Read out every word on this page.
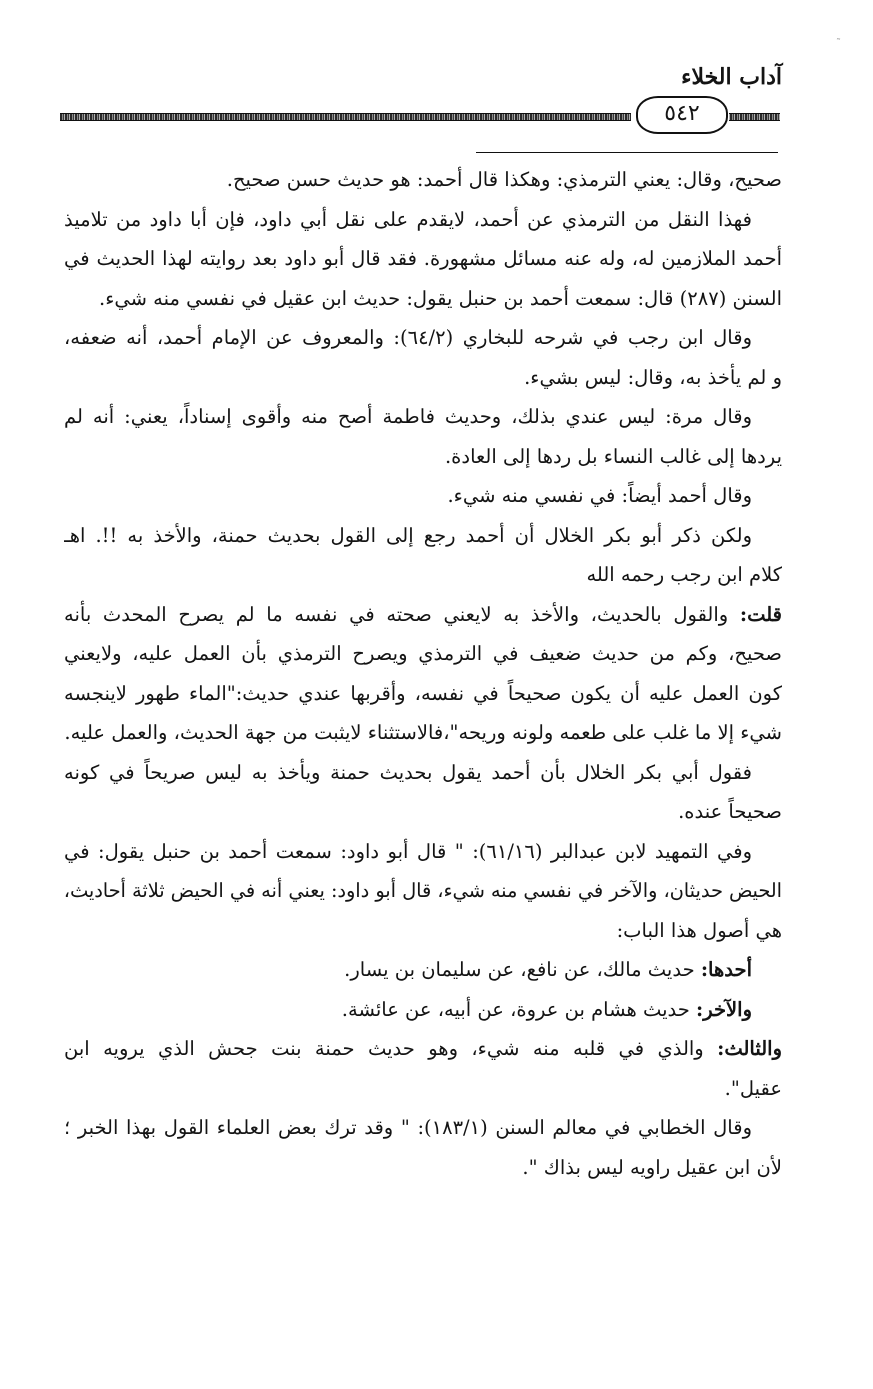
˜
آداب الخلاء
٥٤٢

صحيح، وقال: يعني الترمذي: وهكذا قال أحمد: هو حديث حسن صحيح.

فهذا النقل من الترمذي عن أحمد، لايقدم على نقل أبي داود، فإن أبا داود من تلاميذ
أحمد الملازمين له، وله عنه مسائل مشهورة. فقد قال أبو داود بعد روايته لهذا الحديث في
السنن (٢٨٧) قال: سمعت أحمد بن حنبل يقول: حديث ابن عقيل في نفسي منه شيء.

وقال ابن رجب في شرحه للبخاري (٦٤/٢): والمعروف عن الإمام أحمد، أنه ضعفه،
و لم يأخذ به، وقال: ليس بشيء.

وقال مرة: ليس عندي بذلك، وحديث فاطمة أصح منه وأقوى إسناداً، يعني: أنه لم
يردها إلى غالب النساء بل ردها إلى العادة.

وقال أحمد أيضاً: في نفسي منه شيء.

ولكن ذكر أبو بكر الخلال أن أحمد رجع إلى القول بحديث حمنة، والأخذ به !!. اهـ
كلام ابن رجب رحمه الله

قلت: والقول بالحديث، والأخذ به لايعني صحته في نفسه ما لم يصرح المحدث بأنه
صحيح، وكم من حديث ضعيف في الترمذي ويصرح الترمذي بأن العمل عليه، ولايعني
كون العمل عليه أن يكون صحيحاً في نفسه، وأقربها عندي حديث:"الماء طهور لاينجسه
شيء إلا ما غلب على طعمه ولونه وريحه"،فالاستثناء لايثبت من جهة الحديث، والعمل عليه.

فقول أبي بكر الخلال بأن أحمد يقول بحديث حمنة ويأخذ به ليس صريحاً في كونه
صحيحاً عنده.

وفي التمهيد لابن عبدالبر (٦١/١٦): " قال أبو داود: سمعت أحمد بن حنبل يقول: في
الحيض حديثان، والآخر في نفسي منه شيء، قال أبو داود: يعني أنه في الحيض ثلاثة أحاديث،
هي أصول هذا الباب:

أحدها: حديث مالك، عن نافع، عن سليمان بن يسار.

والآخر: حديث هشام بن عروة، عن أبيه، عن عائشة.

والثالث: والذي في قلبه منه شيء، وهو حديث حمنة بنت جحش الذي يرويه ابن
عقيل".

وقال الخطابي في معالم السنن (١٨٣/١): " وقد ترك بعض العلماء القول بهذا الخبر ؛
لأن ابن عقيل راويه ليس بذاك ".
